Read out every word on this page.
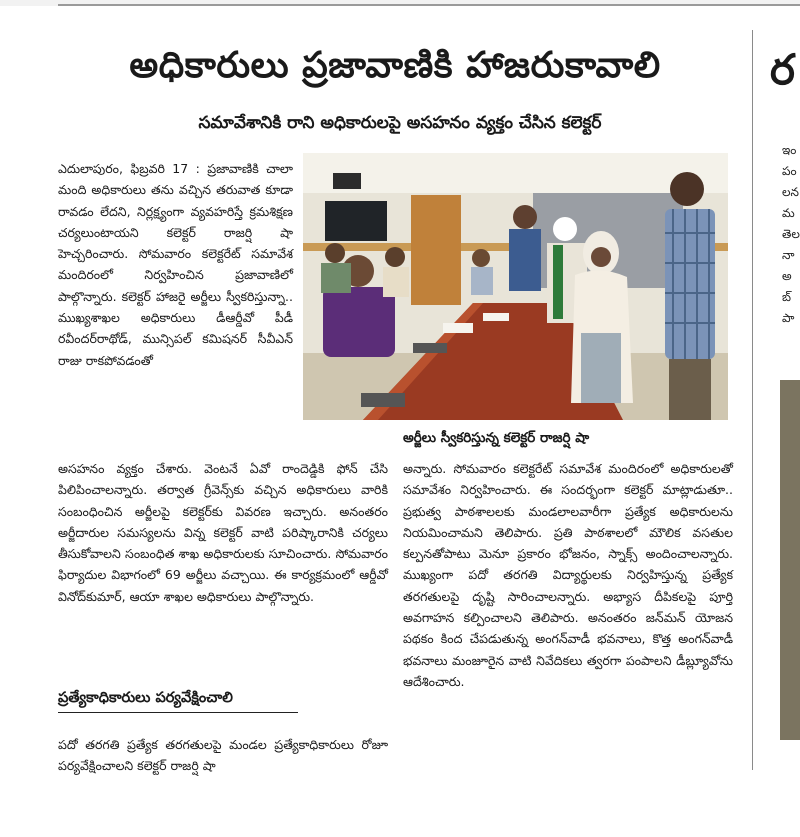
అధికారులు ప్రజావాణికి హాజరుకావాలి
సమావేశానికి రాని అధికారులపై అసహనం వ్యక్తం చేసిన కలెక్టర్

ఎదులాపురం, ఫిబ్రవరి 17 : ప్రజావాణికి చాలా మంది అధికారులు తను వచ్చిన తరువాత కూడా రావడం లేదని, నిర్లక్ష్యంగా వ్యవహరిస్తే క్రమశిక్షణ చర్యలుంటాయని కలెక్టర్ రాజర్షి షా హెచ్చరించారు. సోమవారం కలెక్టరేట్ సమావేశ మందిరంలో నిర్వహించిన ప్రజావాణిలో పాల్గొన్నారు. కలెక్టర్ హాజరై అర్జీలు స్వీకరిస్తున్నా.. ముఖ్యశాఖల అధికారులు డీఆర్డీవో పీడీ రవీందర్‌రాథోడ్, మున్సిపల్ కమిషనర్ సీవీఎన్ రాజు రాకపోవడంతో

అర్జీలు స్వీకరిస్తున్న కలెక్టర్ రాజర్షి షా

అసహనం వ్యక్తం చేశారు. వెంటనే ఏవో రాందెడ్డికి ఫోన్ చేసి పిలిపించాలన్నారు. తర్వాత గ్రీవెన్స్‌కు వచ్చిన అధికారులు వారికి సంబంధించిన అర్జీలపై కలెక్టర్‌కు వివరణ ఇచ్చారు. అనంతరం అర్జీదారుల సమస్యలను విన్న కలెక్టర్ వాటి పరిష్కారానికి చర్యలు తీసుకోవాలని సంబంధిత శాఖ అధికారులకు సూచించారు. సోమవారం ఫిర్యాదుల విభాగంలో 69 అర్జీలు వచ్చాయి. ఈ కార్యక్రమంలో ఆర్డీవో వినోద్‌కుమార్, ఆయా శాఖల అధికారులు పాల్గొన్నారు.

ప్రత్యేకాధికారులు పర్యవేక్షించాలి

పదో తరగతి ప్రత్యేక తరగతులపై మండల ప్రత్యేకాధికారులు రోజూ పర్యవేక్షించాలని కలెక్టర్ రాజర్షి షా

అన్నారు. సోమవారం కలెక్టరేట్ సమావేశ మందిరంలో అధికారులతో సమావేశం నిర్వహించారు. ఈ సందర్భంగా కలెక్టర్ మాట్లాడుతూ.. ప్రభుత్వ పాఠశాలలకు మండలాలవారీగా ప్రత్యేక అధికారులను నియమించామని తెలిపారు. ప్రతి పాఠశాలలో మౌలిక వసతుల కల్పనతోపాటు మెనూ ప్రకారం భోజనం, స్నాక్స్ అందించాలన్నారు. ముఖ్యంగా పదో తరగతి విద్యార్థులకు నిర్వహిస్తున్న ప్రత్యేక తరగతులపై దృష్టి సారించాలన్నారు. అభ్యాస దీపికలపై పూర్తి అవగాహన కల్పించాలని తెలిపారు. అనంతరం జన్‌మన్ యోజన పథకం కింద చేపడుతున్న అంగన్‌వాడీ భవనాలు, కొత్త అంగన్‌వాడీ భవనాలు మంజూరైన వాటి నివేదికలు త్వరగా పంపాలని డీబ్ల్యూవోను ఆదేశించారు.

ర
ఇం
పం
లన
మ
తెల
నా
అ
బ్
పా
